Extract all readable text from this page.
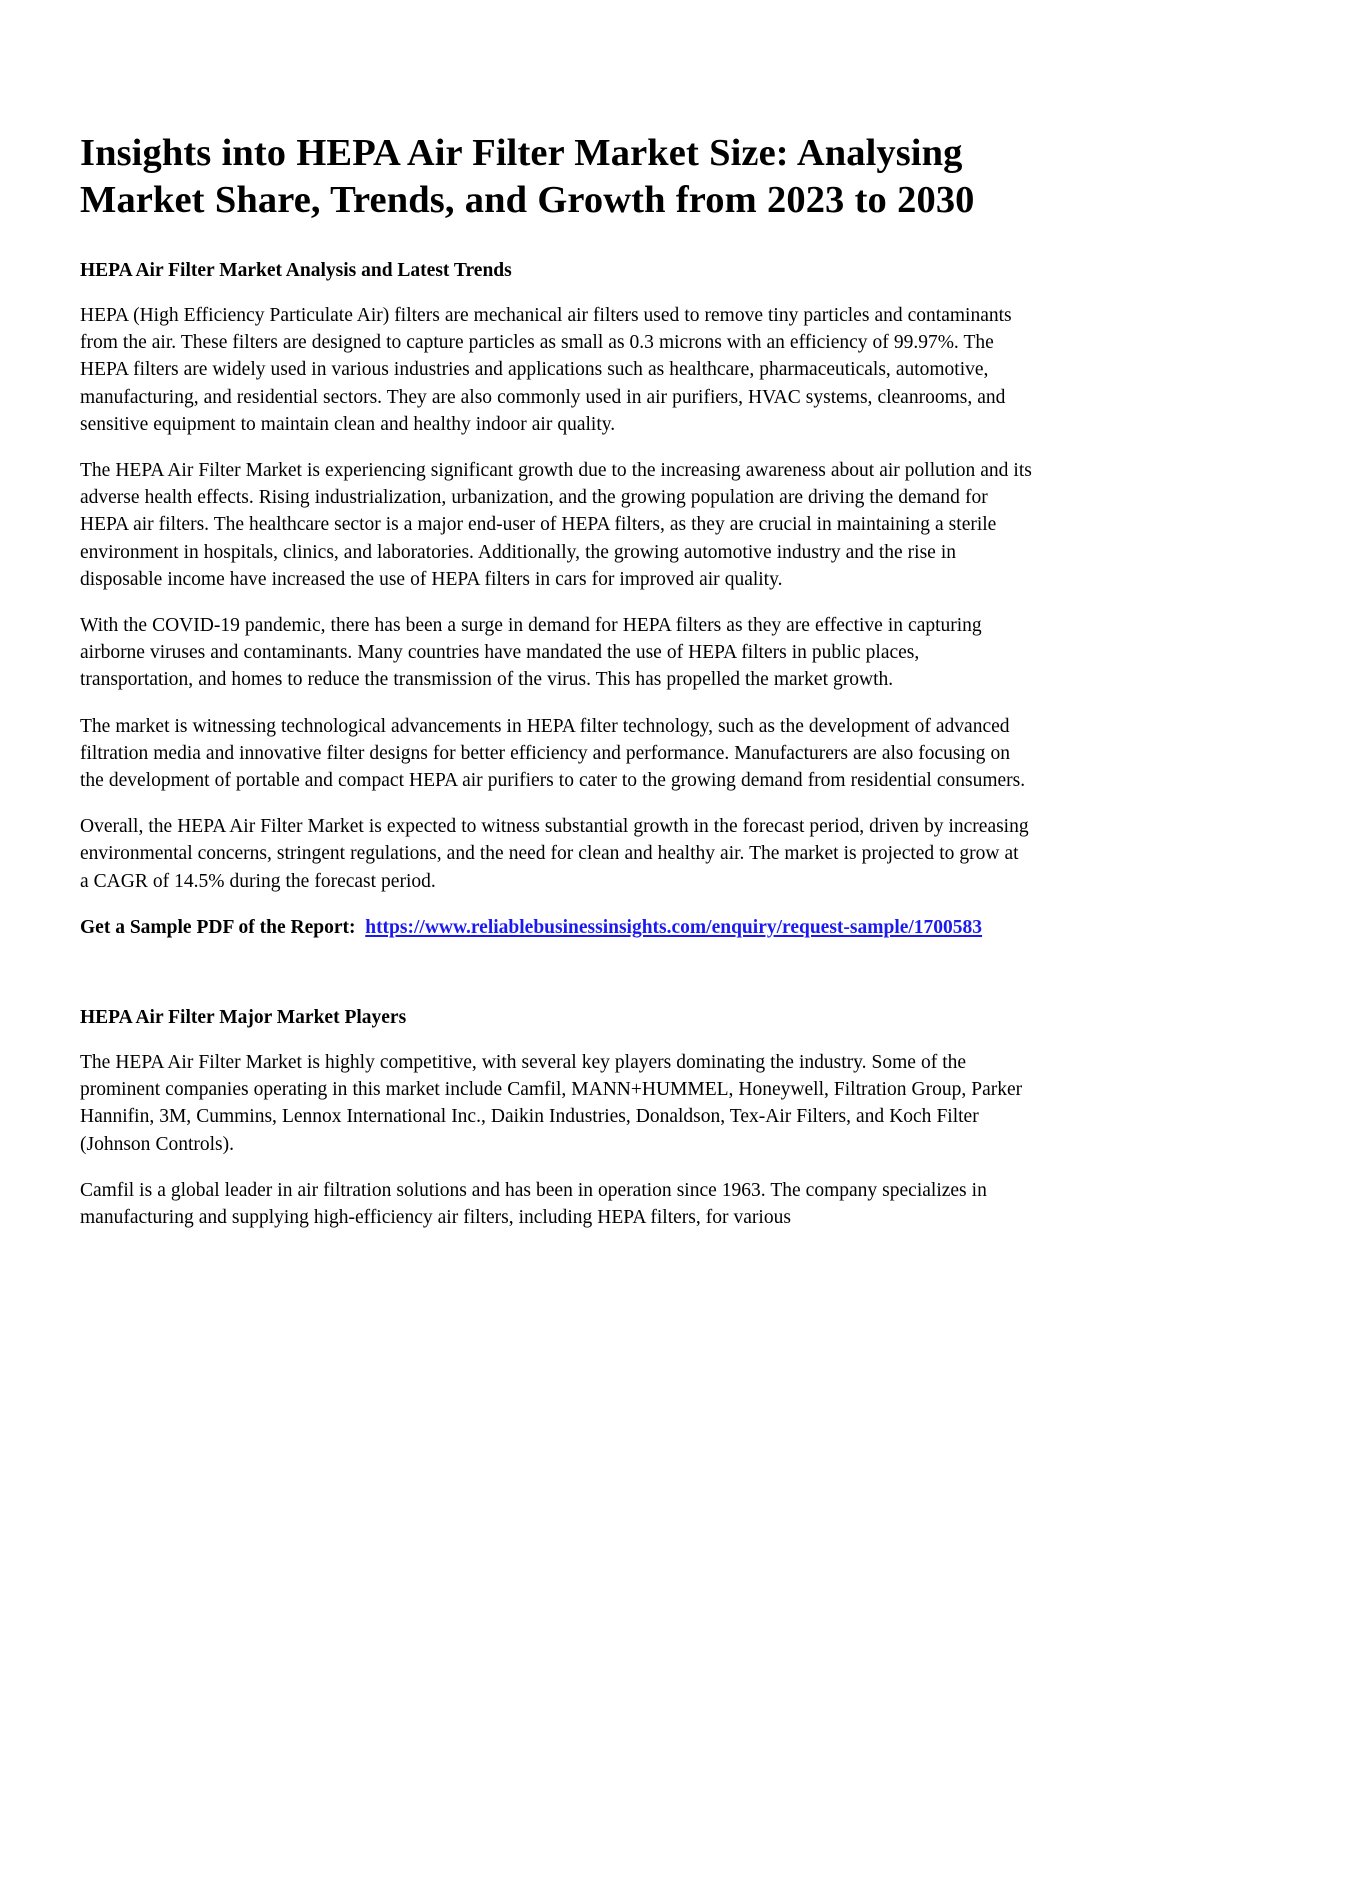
Insights into HEPA Air Filter Market Size: Analysing Market Share, Trends, and Growth from 2023 to 2030
HEPA Air Filter Market Analysis and Latest Trends

HEPA (High Efficiency Particulate Air) filters are mechanical air filters used to remove tiny particles and contaminants from the air. These filters are designed to capture particles as small as 0.3 microns with an efficiency of 99.97%. The HEPA filters are widely used in various industries and applications such as healthcare, pharmaceuticals, automotive, manufacturing, and residential sectors. They are also commonly used in air purifiers, HVAC systems, cleanrooms, and sensitive equipment to maintain clean and healthy indoor air quality.

The HEPA Air Filter Market is experiencing significant growth due to the increasing awareness about air pollution and its adverse health effects. Rising industrialization, urbanization, and the growing population are driving the demand for HEPA air filters. The healthcare sector is a major end-user of HEPA filters, as they are crucial in maintaining a sterile environment in hospitals, clinics, and laboratories. Additionally, the growing automotive industry and the rise in disposable income have increased the use of HEPA filters in cars for improved air quality.

With the COVID-19 pandemic, there has been a surge in demand for HEPA filters as they are effective in capturing airborne viruses and contaminants. Many countries have mandated the use of HEPA filters in public places, transportation, and homes to reduce the transmission of the virus. This has propelled the market growth.

The market is witnessing technological advancements in HEPA filter technology, such as the development of advanced filtration media and innovative filter designs for better efficiency and performance. Manufacturers are also focusing on the development of portable and compact HEPA air purifiers to cater to the growing demand from residential consumers.

Overall, the HEPA Air Filter Market is expected to witness substantial growth in the forecast period, driven by increasing environmental concerns, stringent regulations, and the need for clean and healthy air. The market is projected to grow at a CAGR of 14.5% during the forecast period.

Get a Sample PDF of the Report: https://www.reliablebusinessinsights.com/enquiry/request-sample/1700583

HEPA Air Filter Major Market Players

The HEPA Air Filter Market is highly competitive, with several key players dominating the industry. Some of the prominent companies operating in this market include Camfil, MANN+HUMMEL, Honeywell, Filtration Group, Parker Hannifin, 3M, Cummins, Lennox International Inc., Daikin Industries, Donaldson, Tex-Air Filters, and Koch Filter (Johnson Controls).

Camfil is a global leader in air filtration solutions and has been in operation since 1963. The company specializes in manufacturing and supplying high-efficiency air filters, including HEPA filters, for various
